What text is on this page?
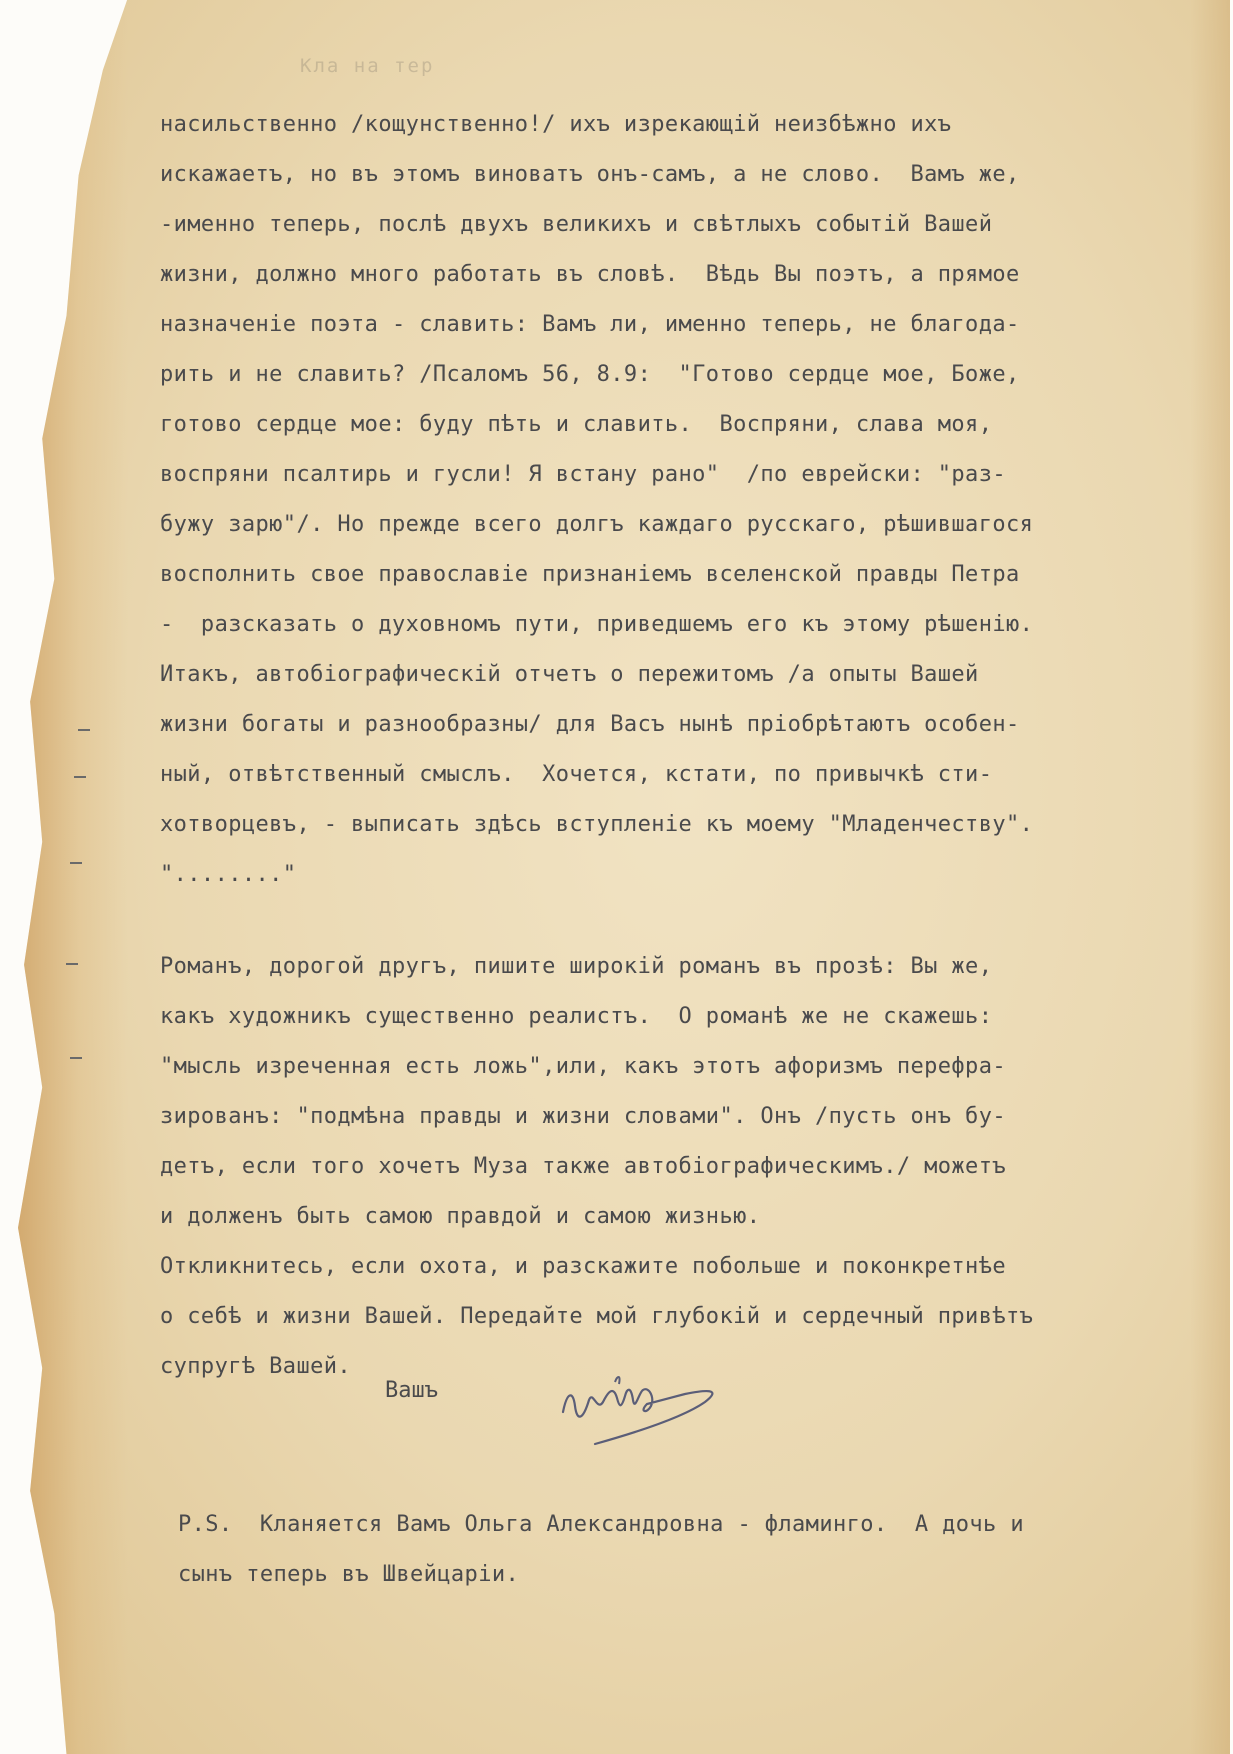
Кла на тер
насильственно /кощунственно!/ ихъ изрекающій неизбѣжно ихъ
искажаетъ, но въ этомъ виноватъ онъ-самъ, а не слово.  Вамъ же,
-именно теперь, послѣ двухъ великихъ и свѣтлыхъ событій Вашей
жизни, должно много работать въ словѣ.  Вѣдь Вы поэтъ, а прямое
назначеніе поэта - славить: Вамъ ли, именно теперь, не благода-
рить и не славить? /Псаломъ 56, 8.9:  "Готово сердце мое, Боже,
готово сердце мое: буду пѣть и славить.  Воспряни, слава моя,
воспряни псалтирь и гусли! Я встану рано"  /по еврейски: "раз-
бужу зарю"/. Но прежде всего долгъ каждаго русскаго, рѣшившагося
восполнить свое православіе признаніемъ вселенской правды Петра
-  разсказать о духовномъ пути, приведшемъ его къ этому рѣшенію.
Итакъ, автобіографическій отчетъ о пережитомъ /а опыты Вашей
жизни богаты и разнообразны/ для Васъ нынѣ пріобрѣтаютъ особен-
ный, отвѣтственный смыслъ.  Хочется, кстати, по привычкѣ сти-
хотворцевъ, - выписать здѣсь вступленіе къ моему "Младенчеству".
"........"
Романъ, дорогой другъ, пишите широкій романъ въ прозѣ: Вы же,
какъ художникъ существенно реалистъ.  О романѣ же не скажешь:
"мысль изреченная есть ложь",или, какъ этотъ афоризмъ перефра-
зированъ: "подмѣна правды и жизни словами". Онъ /пусть онъ бу-
детъ, если того хочетъ Муза также автобіографическимъ./ можетъ
и долженъ быть самою правдой и самою жизнью.
Откликнитесь, если охота, и разскажите побольше и поконкретнѣе
о себѣ и жизни Вашей. Передайте мой глубокій и сердечный привѣтъ
супругѣ Вашей.
Вашъ
P.S.  Кланяется Вамъ Ольга Александровна - фламинго.  А дочь и
сынъ теперь въ Швейцаріи.
